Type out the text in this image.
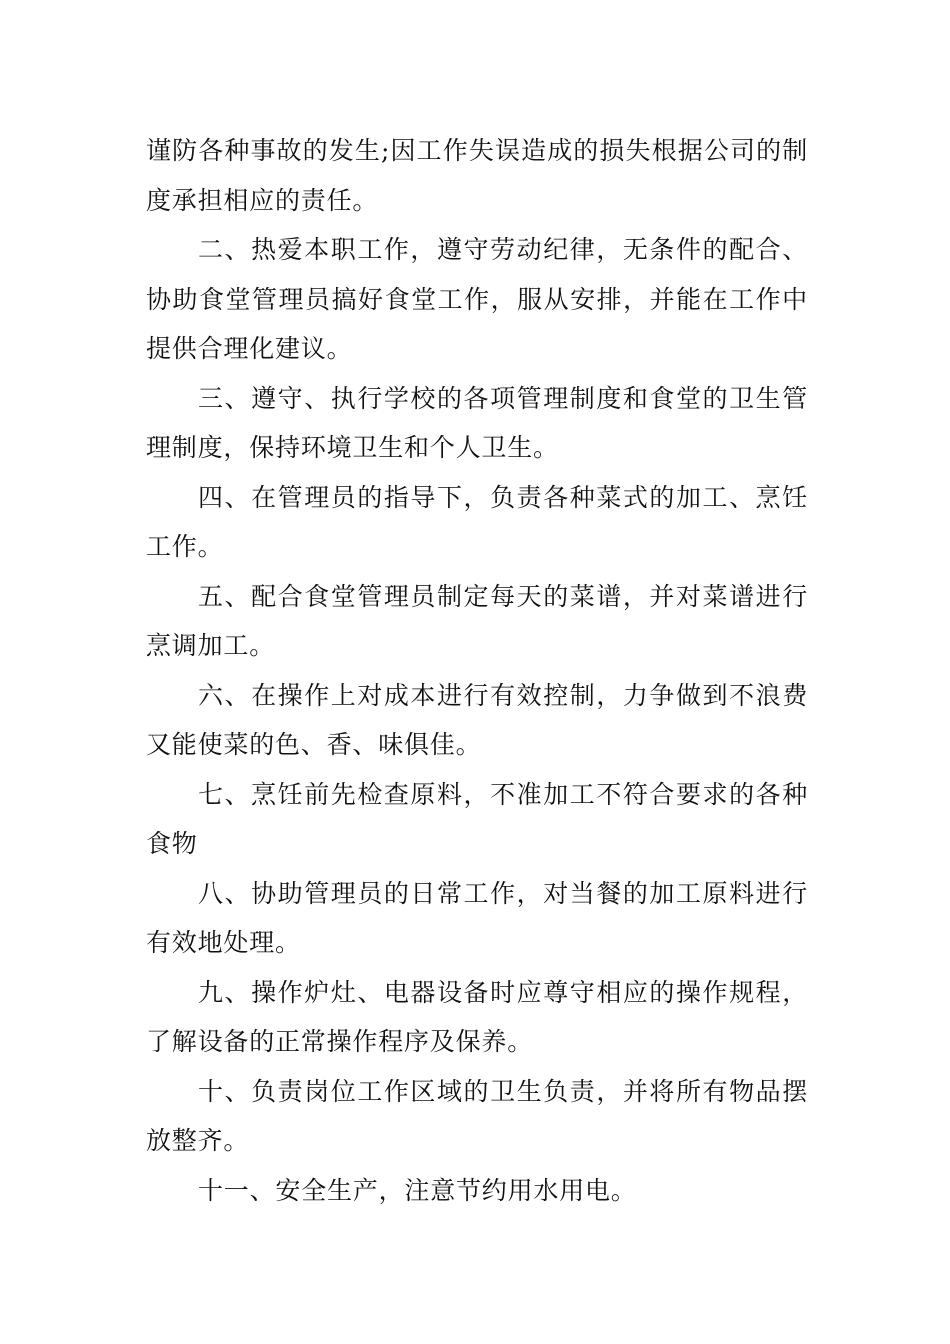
谨防各种事故的发生;因工作失误造成的损失根据公司的制度承担相应的责任。

二、热爱本职工作，遵守劳动纪律，无条件的配合、协助食堂管理员搞好食堂工作，服从安排，并能在工作中提供合理化建议。

三、遵守、执行学校的各项管理制度和食堂的卫生管理制度，保持环境卫生和个人卫生。

四、在管理员的指导下，负责各种菜式的加工、烹饪工作。

五、配合食堂管理员制定每天的菜谱，并对菜谱进行烹调加工。

六、在操作上对成本进行有效控制，力争做到不浪费又能使菜的色、香、味俱佳。

七、烹饪前先检查原料，不准加工不符合要求的各种食物

八、协助管理员的日常工作，对当餐的加工原料进行有效地处理。

九、操作炉灶、电器设备时应尊守相应的操作规程，了解设备的正常操作程序及保养。

十、负责岗位工作区域的卫生负责，并将所有物品摆放整齐。

十一、安全生产，注意节约用水用电。
